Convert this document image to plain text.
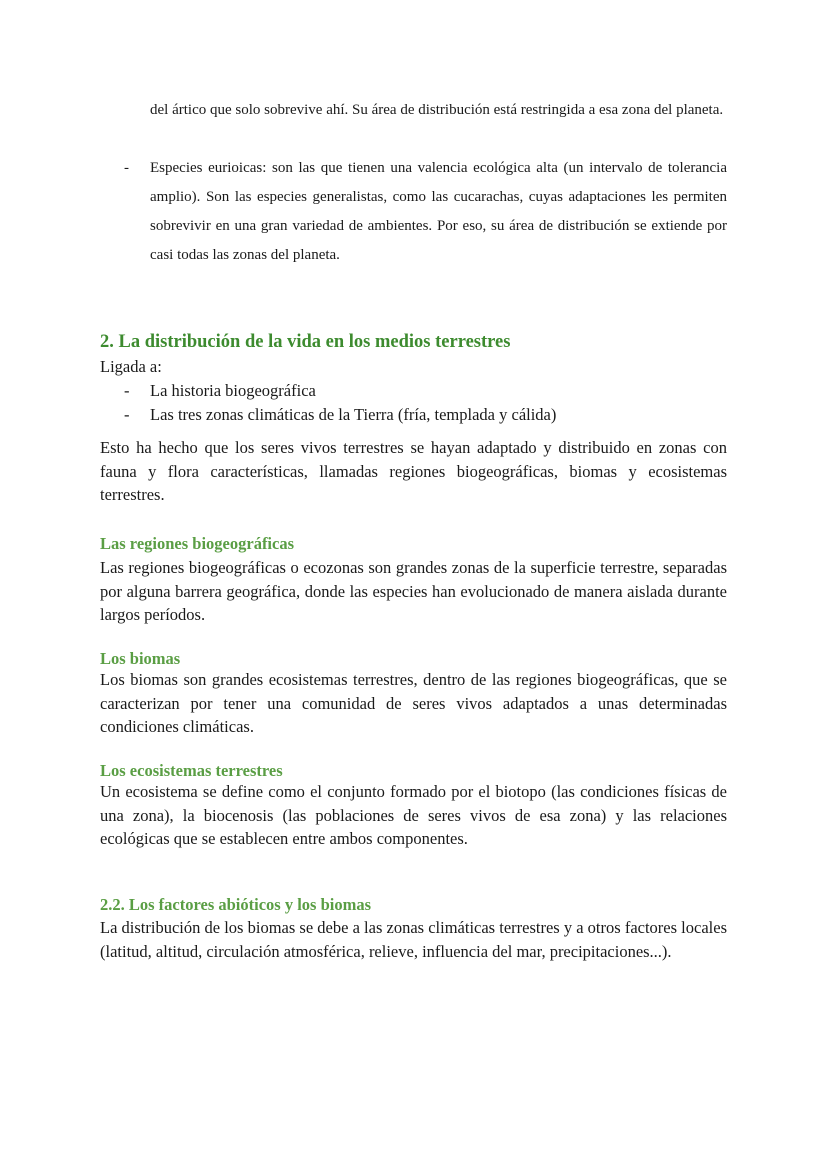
del ártico que solo sobrevive ahí. Su área de distribución está restringida a esa zona del planeta.
- Especies eurioicas: son las que tienen una valencia ecológica alta (un intervalo de tolerancia amplio). Son las especies generalistas, como las cucarachas, cuyas adaptaciones les permiten sobrevivir en una gran variedad de ambientes. Por eso, su área de distribución se extiende por casi todas las zonas del planeta.
2. La distribución de la vida en los medios terrestres
Ligada a:
- La historia biogeográfica
- Las tres zonas climáticas de la Tierra (fría, templada y cálida)
Esto ha hecho que los seres vivos terrestres se hayan adaptado y distribuido en zonas con fauna y flora características, llamadas regiones biogeográficas, biomas y ecosistemas terrestres.
Las regiones biogeográficas
Las regiones biogeográficas o ecozonas son grandes zonas de la superficie terrestre, separadas por alguna barrera geográfica, donde las especies han evolucionado de manera aislada durante largos períodos.
Los biomas
Los biomas son grandes ecosistemas terrestres, dentro de las regiones biogeográficas, que se caracterizan por tener una comunidad de seres vivos adaptados a unas determinadas condiciones climáticas.
Los ecosistemas terrestres
Un ecosistema se define como el conjunto formado por el biotopo (las condiciones físicas de una zona), la biocenosis (las poblaciones de seres vivos de esa zona) y las relaciones ecológicas que se establecen entre ambos componentes.
2.2. Los factores abióticos y los biomas
La distribución de los biomas se debe a las zonas climáticas terrestres y a otros factores locales (latitud, altitud, circulación atmosférica, relieve, influencia del mar, precipitaciones...).
